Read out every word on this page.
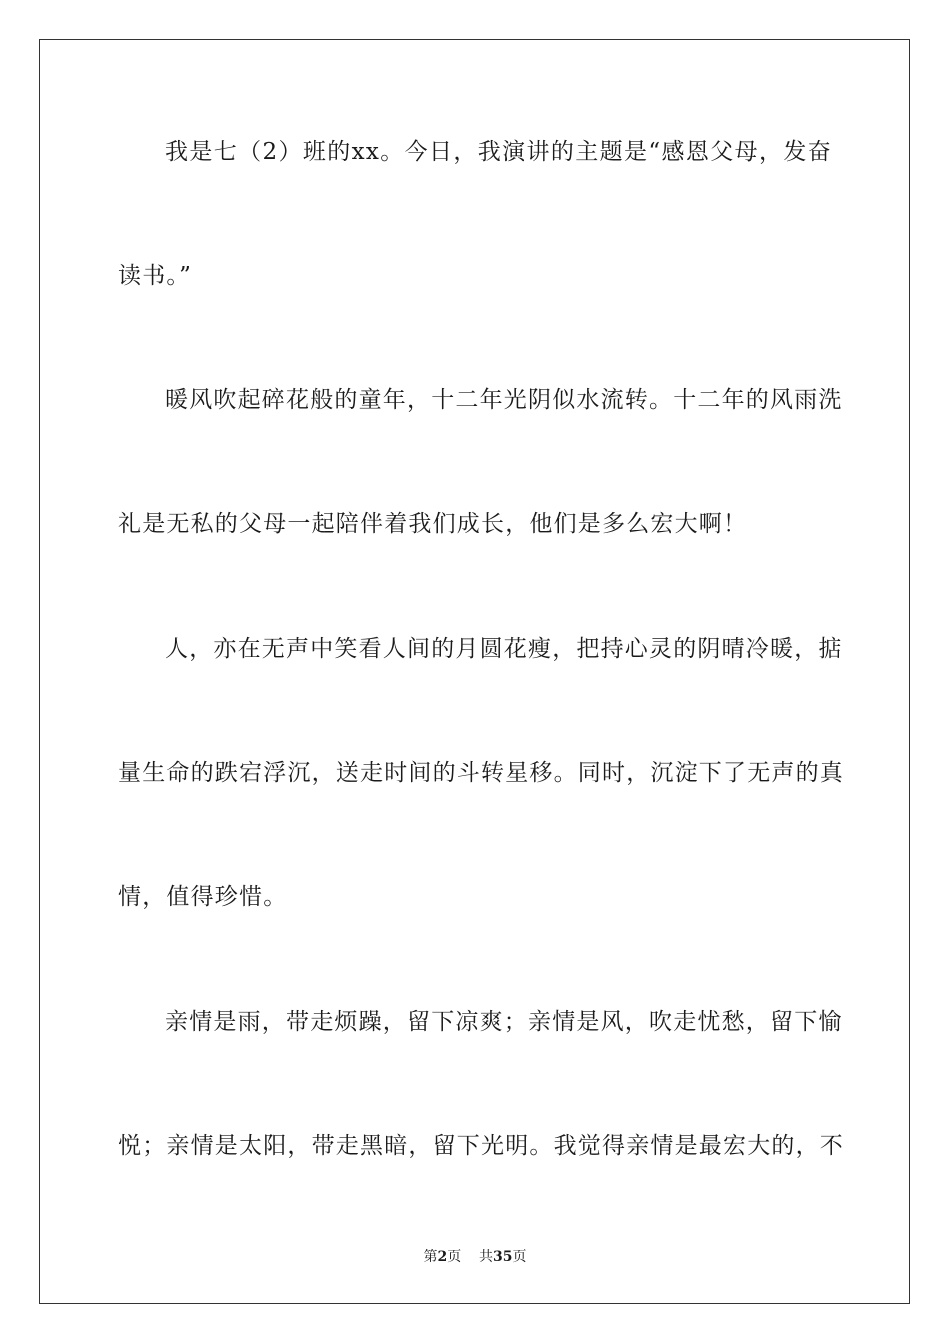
我是七（2）班的xx。今日，我演讲的主题是“感恩父母，发奋
读书。”
暖风吹起碎花般的童年，十二年光阴似水流转。十二年的风雨洗
礼是无私的父母一起陪伴着我们成长，他们是多么宏大啊！
人，亦在无声中笑看人间的月圆花瘦，把持心灵的阴晴冷暖，掂
量生命的跌宕浮沉，送走时间的斗转星移。同时，沉淀下了无声的真
情，值得珍惜。
亲情是雨，带走烦躁，留下凉爽；亲情是风，吹走忧愁，留下愉
悦；亲情是太阳，带走黑暗，留下光明。我觉得亲情是最宏大的，不
第2页 共35页
